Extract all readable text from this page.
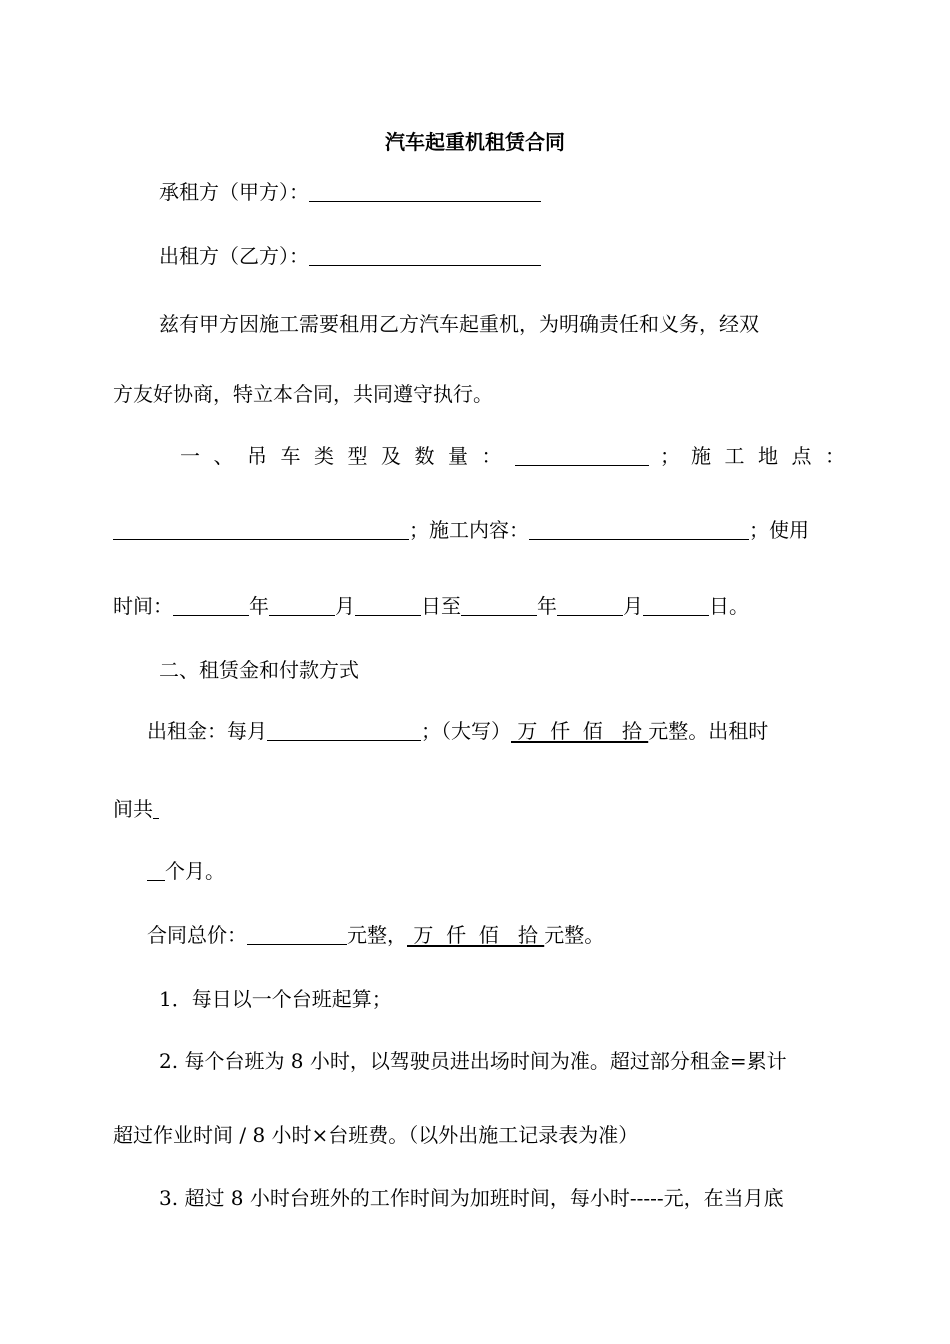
汽车起重机租赁合同
承租方（甲方）：
出租方（乙方）：
兹有甲方因施工需要租用乙方汽车起重机，为明确责任和义务，经双
方友好协商，特立本合同，共同遵守执行。
一、吊车类型及数量：	； 施工地点：
；施工内容：	；使用
时间：	年	月	日至	年	月	日。
二、租赁金和付款方式
出租金：每月	；（大写） 万  仟  佰   拾 元整。出租时
间共
个月。
合同总价：	元整， 万  仟  佰   拾 元整。
1．每日以一个台班起算；
2. 每个台班为 8 小时，以驾驶员进出场时间为准。超过部分租金=累计
超过作业时间 / 8 小时×台班费。（以外出施工记录表为准）
3. 超过 8 小时台班外的工作时间为加班时间，每小时-----元，在当月底
